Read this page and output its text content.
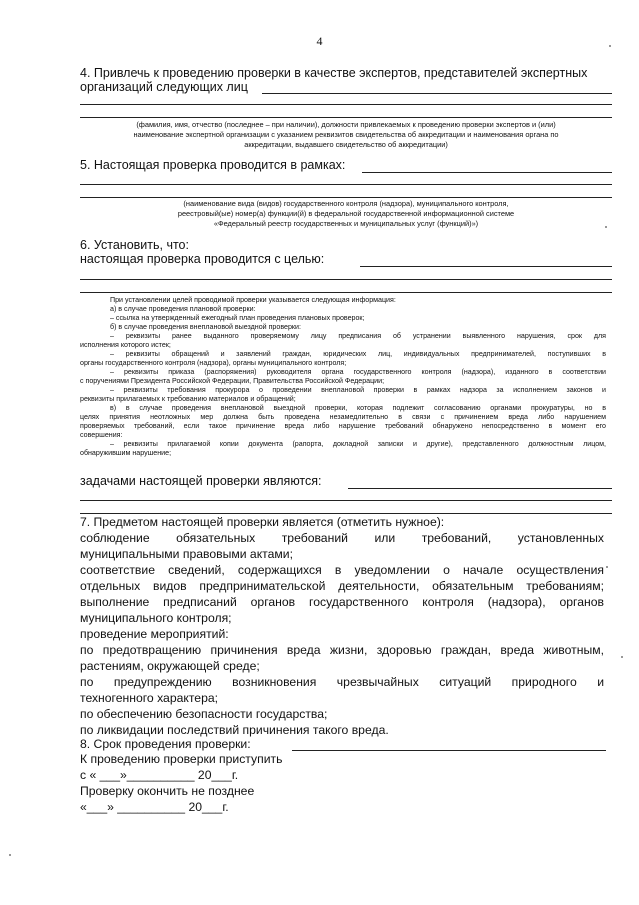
4
4. Привлечь к проведению проверки в качестве экспертов, представителей экспертных
организаций следующих лиц
(фамилия, имя, отчество (последнее – при наличии), должности привлекаемых к проведению проверки экспертов и (или)
наименование экспертной организации с указанием реквизитов свидетельства об аккредитации и наименования органа по
аккредитации, выдавшего свидетельство об аккредитации)
5. Настоящая проверка проводится в рамках:
(наименование вида (видов) государственного контроля (надзора), муниципального контроля,
реестровый(ые) номер(а) функции(й) в федеральной государственной информационной системе
«Федеральный реестр государственных и муниципальных услуг (функций)»)
6. Установить, что:
настоящая проверка проводится с целью:
При установлении целей проводимой проверки указывается следующая информация:
а) в случае проведения плановой проверки:
– ссылка на утвержденный ежегодный план проведения плановых проверок;
б) в случае проведения внеплановой выездной проверки:
– реквизиты ранее выданного проверяемому лицу предписания об устранении выявленного нарушения, срок для
исполнения которого истек;
– реквизиты обращений и заявлений граждан, юридических лиц, индивидуальных предпринимателей, поступивших в
органы государственного контроля (надзора), органы муниципального контроля;
– реквизиты приказа (распоряжения) руководителя органа государственного контроля (надзора), изданного в соответствии
с поручениями Президента Российской Федерации, Правительства Российской Федерации;
– реквизиты требования прокурора о проведении внеплановой проверки в рамках надзора за исполнением законов и
реквизиты прилагаемых к требованию материалов и обращений;
в) в случае проведения внеплановой выездной проверки, которая подлежит согласованию органами прокуратуры, но в
целях принятия неотложных мер должна быть проведена незамедлительно в связи с причинением вреда либо нарушением
проверяемых требований, если такое причинение вреда либо нарушение требований обнаружено непосредственно в момент его
совершения:
– реквизиты прилагаемой копии документа (рапорта, докладной записки и другие), представленного должностным лицом,
обнаружившим нарушение;
задачами настоящей проверки являются:
7. Предметом настоящей проверки является (отметить нужное):
соблюдение обязательных требований или требований, установленных
муниципальными правовыми актами;
соответствие сведений, содержащихся в уведомлении о начале осуществления
отдельных видов предпринимательской деятельности, обязательным требованиям;
выполнение предписаний органов государственного контроля (надзора), органов
муниципального контроля;
проведение мероприятий:
по предотвращению причинения вреда жизни, здоровью граждан, вреда животным,
растениям, окружающей среде;
по предупреждению возникновения чрезвычайных ситуаций природного и
техногенного характера;
по обеспечению безопасности государства;
по ликвидации последствий причинения такого вреда.
8. Срок проведения проверки:
К проведению проверки приступить
с « ___»__________ 20___г.
Проверку окончить не позднее
«___» __________ 20___г.
